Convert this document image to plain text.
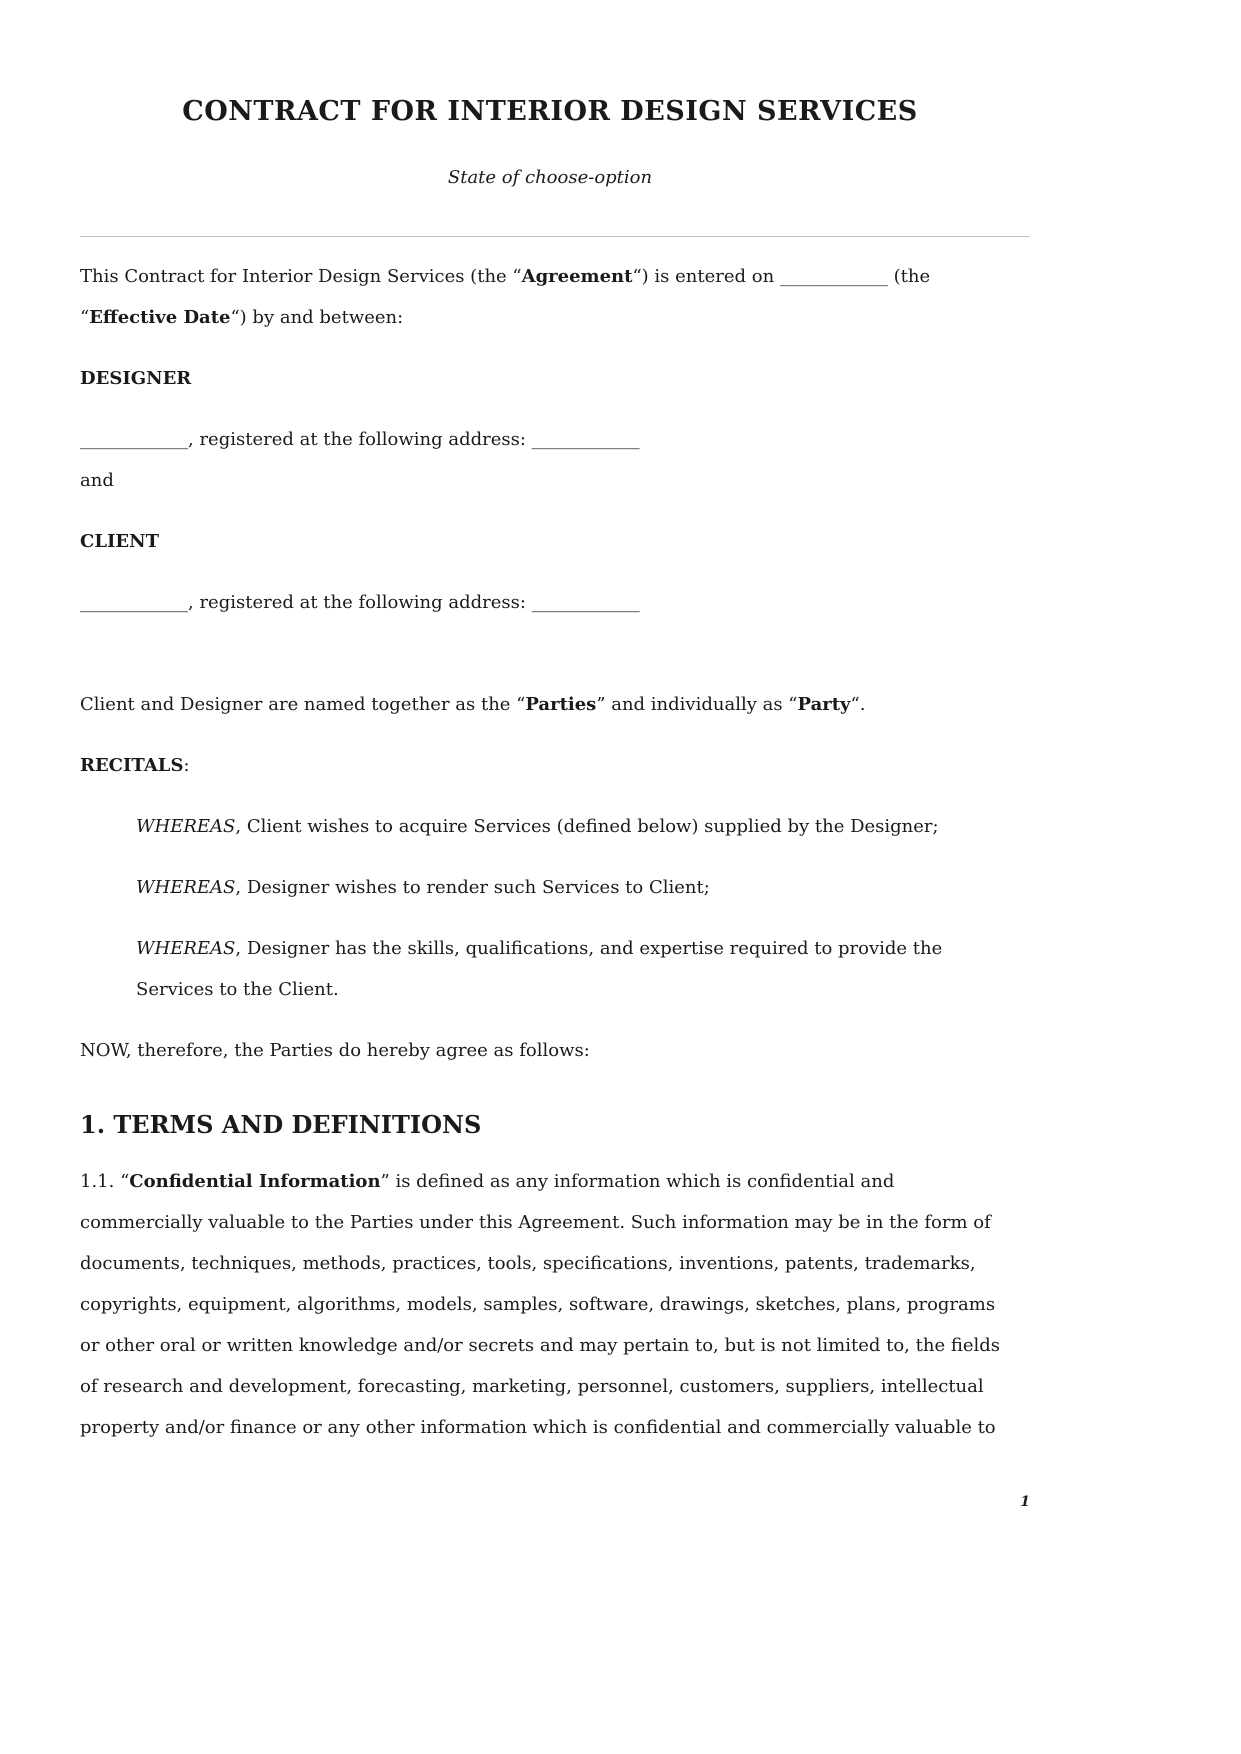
CONTRACT FOR INTERIOR DESIGN SERVICES
State of choose-option

This Contract for Interior Design Services (the “Agreement“) is entered on ____________ (the

“Effective Date“) by and between:

DESIGNER

____________, registered at the following address: ____________

and

CLIENT

____________, registered at the following address: ____________

Client and Designer are named together as the “Parties” and individually as “Party“.

RECITALS:

WHEREAS, Client wishes to acquire Services (defined below) supplied by the Designer;

WHEREAS, Designer wishes to render such Services to Client;

WHEREAS, Designer has the skills, qualifications, and expertise required to provide the

Services to the Client.

NOW, therefore, the Parties do hereby agree as follows:

1. TERMS AND DEFINITIONS

1.1. “Confidential Information” is defined as any information which is confidential and

commercially valuable to the Parties under this Agreement. Such information may be in the form of

documents, techniques, methods, practices, tools, specifications, inventions, patents, trademarks,

copyrights, equipment, algorithms, models, samples, software, drawings, sketches, plans, programs

or other oral or written knowledge and/or secrets and may pertain to, but is not limited to, the fields

of research and development, forecasting, marketing, personnel, customers, suppliers, intellectual

property and/or finance or any other information which is confidential and commercially valuable to

1
